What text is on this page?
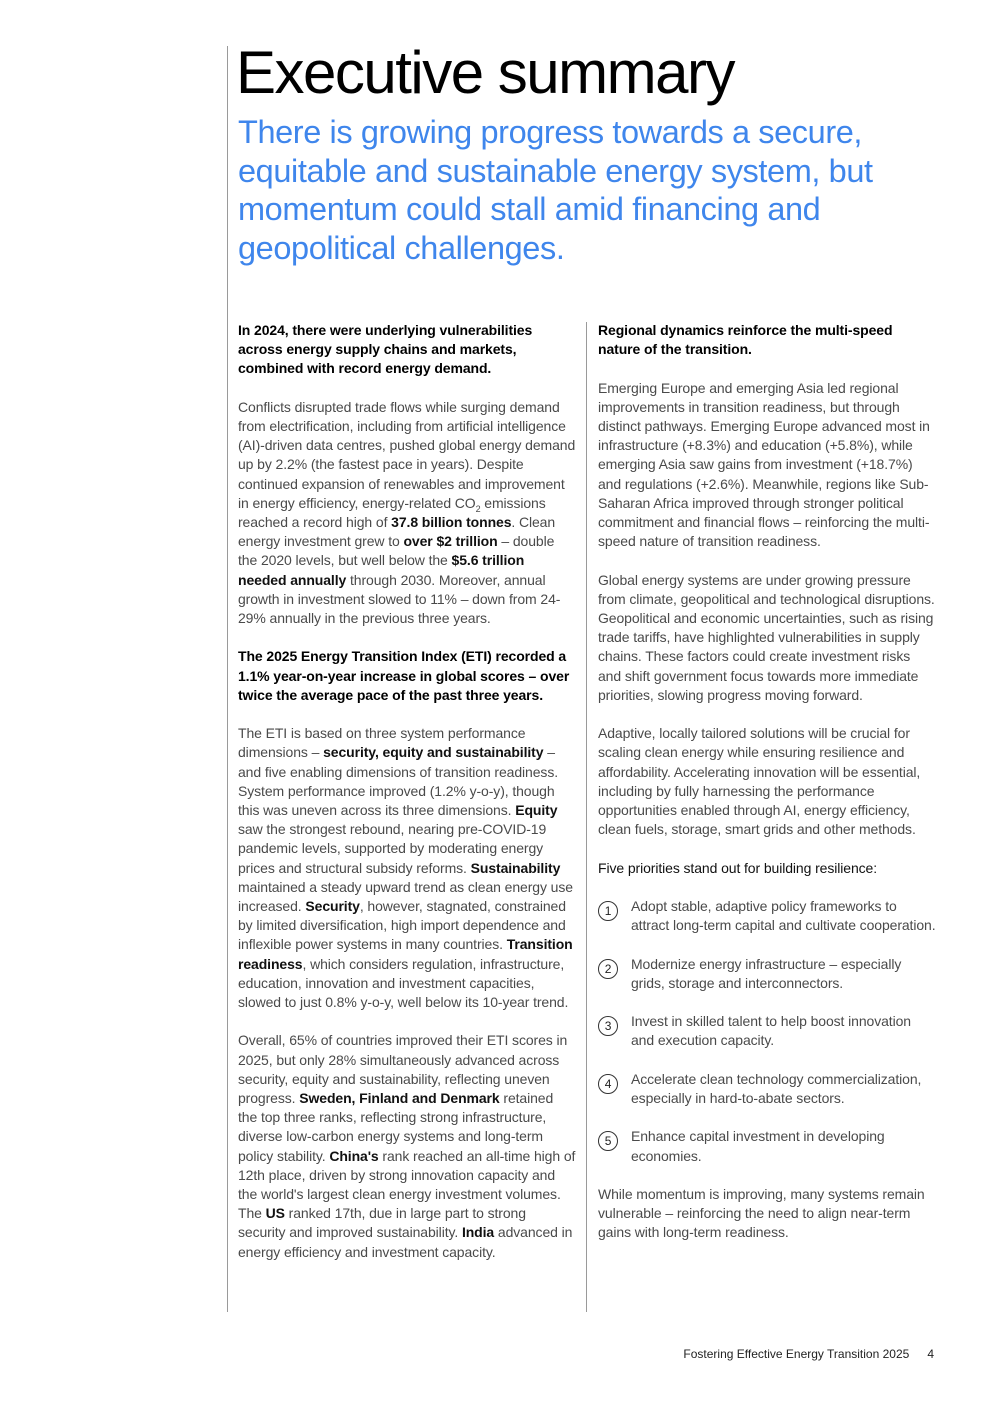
Executive summary

There is growing progress towards a secure, equitable and sustainable energy system, but momentum could stall amid financing and geopolitical challenges.

In 2024, there were underlying vulnerabilities across energy supply chains and markets, combined with record energy demand.

Conflicts disrupted trade flows while surging demand from electrification, including from artificial intelligence (AI)-driven data centres, pushed global energy demand up by 2.2% (the fastest pace in years). Despite continued expansion of renewables and improvement in energy efficiency, energy-related $CO_2$ emissions reached a record high of 37.8 billion tonnes. Clean energy investment grew to over $2 trillion – double the 2020 levels, but well below the $5.6 trillion needed annually through 2030. Moreover, annual growth in investment slowed to 11% – down from 24-29% annually in the previous three years.

The 2025 Energy Transition Index (ETI) recorded a 1.1% year-on-year increase in global scores – over twice the average pace of the past three years.

The ETI is based on three system performance dimensions – security, equity and sustainability – and five enabling dimensions of transition readiness. System performance improved (1.2% y-o-y), though this was uneven across its three dimensions. Equity saw the strongest rebound, nearing pre-COVID-19 pandemic levels, supported by moderating energy prices and structural subsidy reforms. Sustainability maintained a steady upward trend as clean energy use increased. Security, however, stagnated, constrained by limited diversification, high import dependence and inflexible power systems in many countries. Transition readiness, which considers regulation, infrastructure, education, innovation and investment capacities, slowed to just 0.8% y-o-y, well below its 10-year trend.

Overall, 65% of countries improved their ETI scores in 2025, but only 28% simultaneously advanced across security, equity and sustainability, reflecting uneven progress. Sweden, Finland and Denmark retained the top three ranks, reflecting strong infrastructure, diverse low-carbon energy systems and long-term policy stability. China's rank reached an all-time high of 12th place, driven by strong innovation capacity and the world's largest clean energy investment volumes. The US ranked 17th, due in large part to strong security and improved sustainability. India advanced in energy efficiency and investment capacity.

Regional dynamics reinforce the multi-speed nature of the transition.

Emerging Europe and emerging Asia led regional improvements in transition readiness, but through distinct pathways. Emerging Europe advanced most in infrastructure (+8.3%) and education (+5.8%), while emerging Asia saw gains from investment (+18.7%) and regulations (+2.6%). Meanwhile, regions like Sub-Saharan Africa improved through stronger political commitment and financial flows – reinforcing the multi-speed nature of transition readiness.

Global energy systems are under growing pressure from climate, geopolitical and technological disruptions. Geopolitical and economic uncertainties, such as rising trade tariffs, have highlighted vulnerabilities in supply chains. These factors could create investment risks and shift government focus towards more immediate priorities, slowing progress moving forward.

Adaptive, locally tailored solutions will be crucial for scaling clean energy while ensuring resilience and affordability. Accelerating innovation will be essential, including by fully harnessing the performance opportunities enabled through AI, energy efficiency, clean fuels, storage, smart grids and other methods.

Five priorities stand out for building resilience:

1	Adopt stable, adaptive policy frameworks to attract long-term capital and cultivate cooperation.
2	Modernize energy infrastructure – especially grids, storage and interconnectors.
3	Invest in skilled talent to help boost innovation and execution capacity.
4	Accelerate clean technology commercialization, especially in hard-to-abate sectors.
5	Enhance capital investment in developing economies.

While momentum is improving, many systems remain vulnerable – reinforcing the need to align near-term gains with long-term readiness.

Fostering Effective Energy Transition 2025 4
